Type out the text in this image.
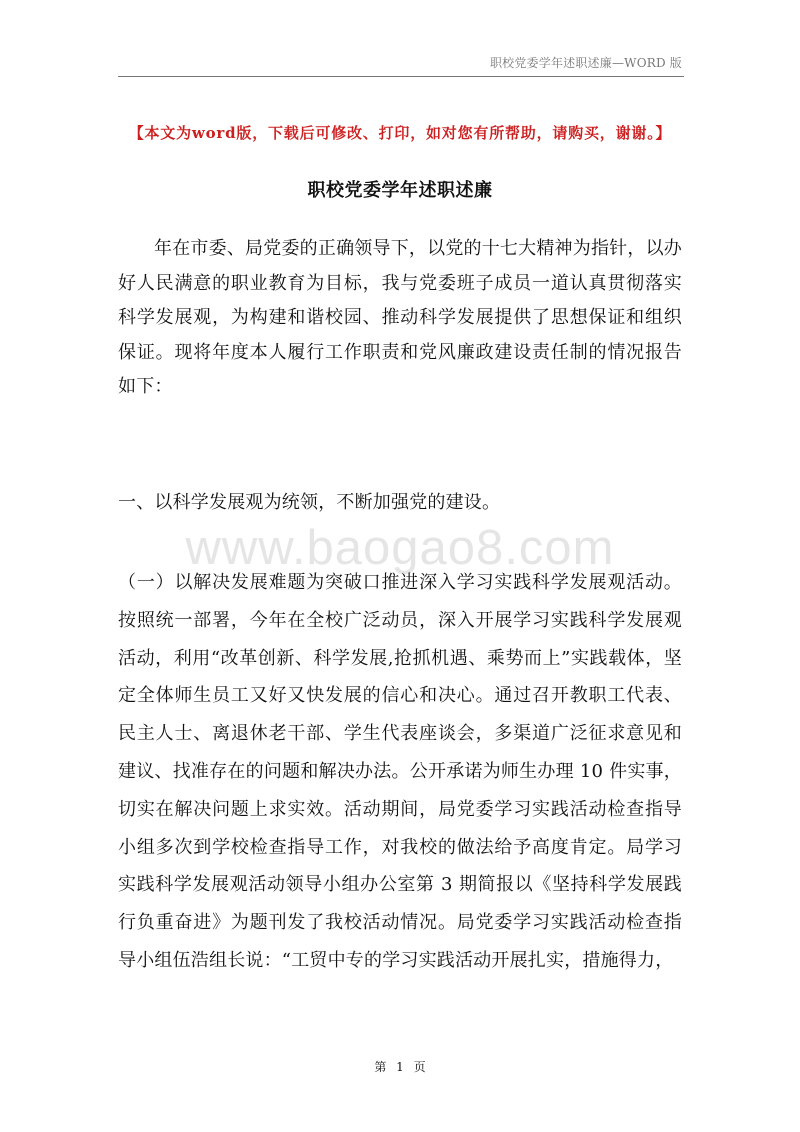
职校党委学年述职述廉—WORD 版
【本文为word版，下载后可修改、打印，如对您有所帮助，请购买，谢谢。】
职校党委学年述职述廉
年在市委、局党委的正确领导下，以党的十七大精神为指针，以办好人民满意的职业教育为目标，我与党委班子成员一道认真贯彻落实科学发展观，为构建和谐校园、推动科学发展提供了思想保证和组织保证。现将年度本人履行工作职责和党风廉政建设责任制的情况报告如下：
一、以科学发展观为统领，不断加强党的建设。
www.baogao8.com
（一）以解决发展难题为突破口推进深入学习实践科学发展观活动。按照统一部署，今年在全校广泛动员，深入开展学习实践科学发展观活动，利用“改革创新、科学发展,抢抓机遇、乘势而上”实践载体，坚定全体师生员工又好又快发展的信心和决心。通过召开教职工代表、民主人士、离退休老干部、学生代表座谈会，多渠道广泛征求意见和建议、找准存在的问题和解决办法。公开承诺为师生办理 10 件实事，切实在解决问题上求实效。活动期间，局党委学习实践活动检查指导小组多次到学校检查指导工作，对我校的做法给予高度肯定。局学习实践科学发展观活动领导小组办公室第 3 期简报以《坚持科学发展践行负重奋进》为题刊发了我校活动情况。局党委学习实践活动检查指导小组伍浩组长说：“工贸中专的学习实践活动开展扎实，措施得力，
第 1 页
